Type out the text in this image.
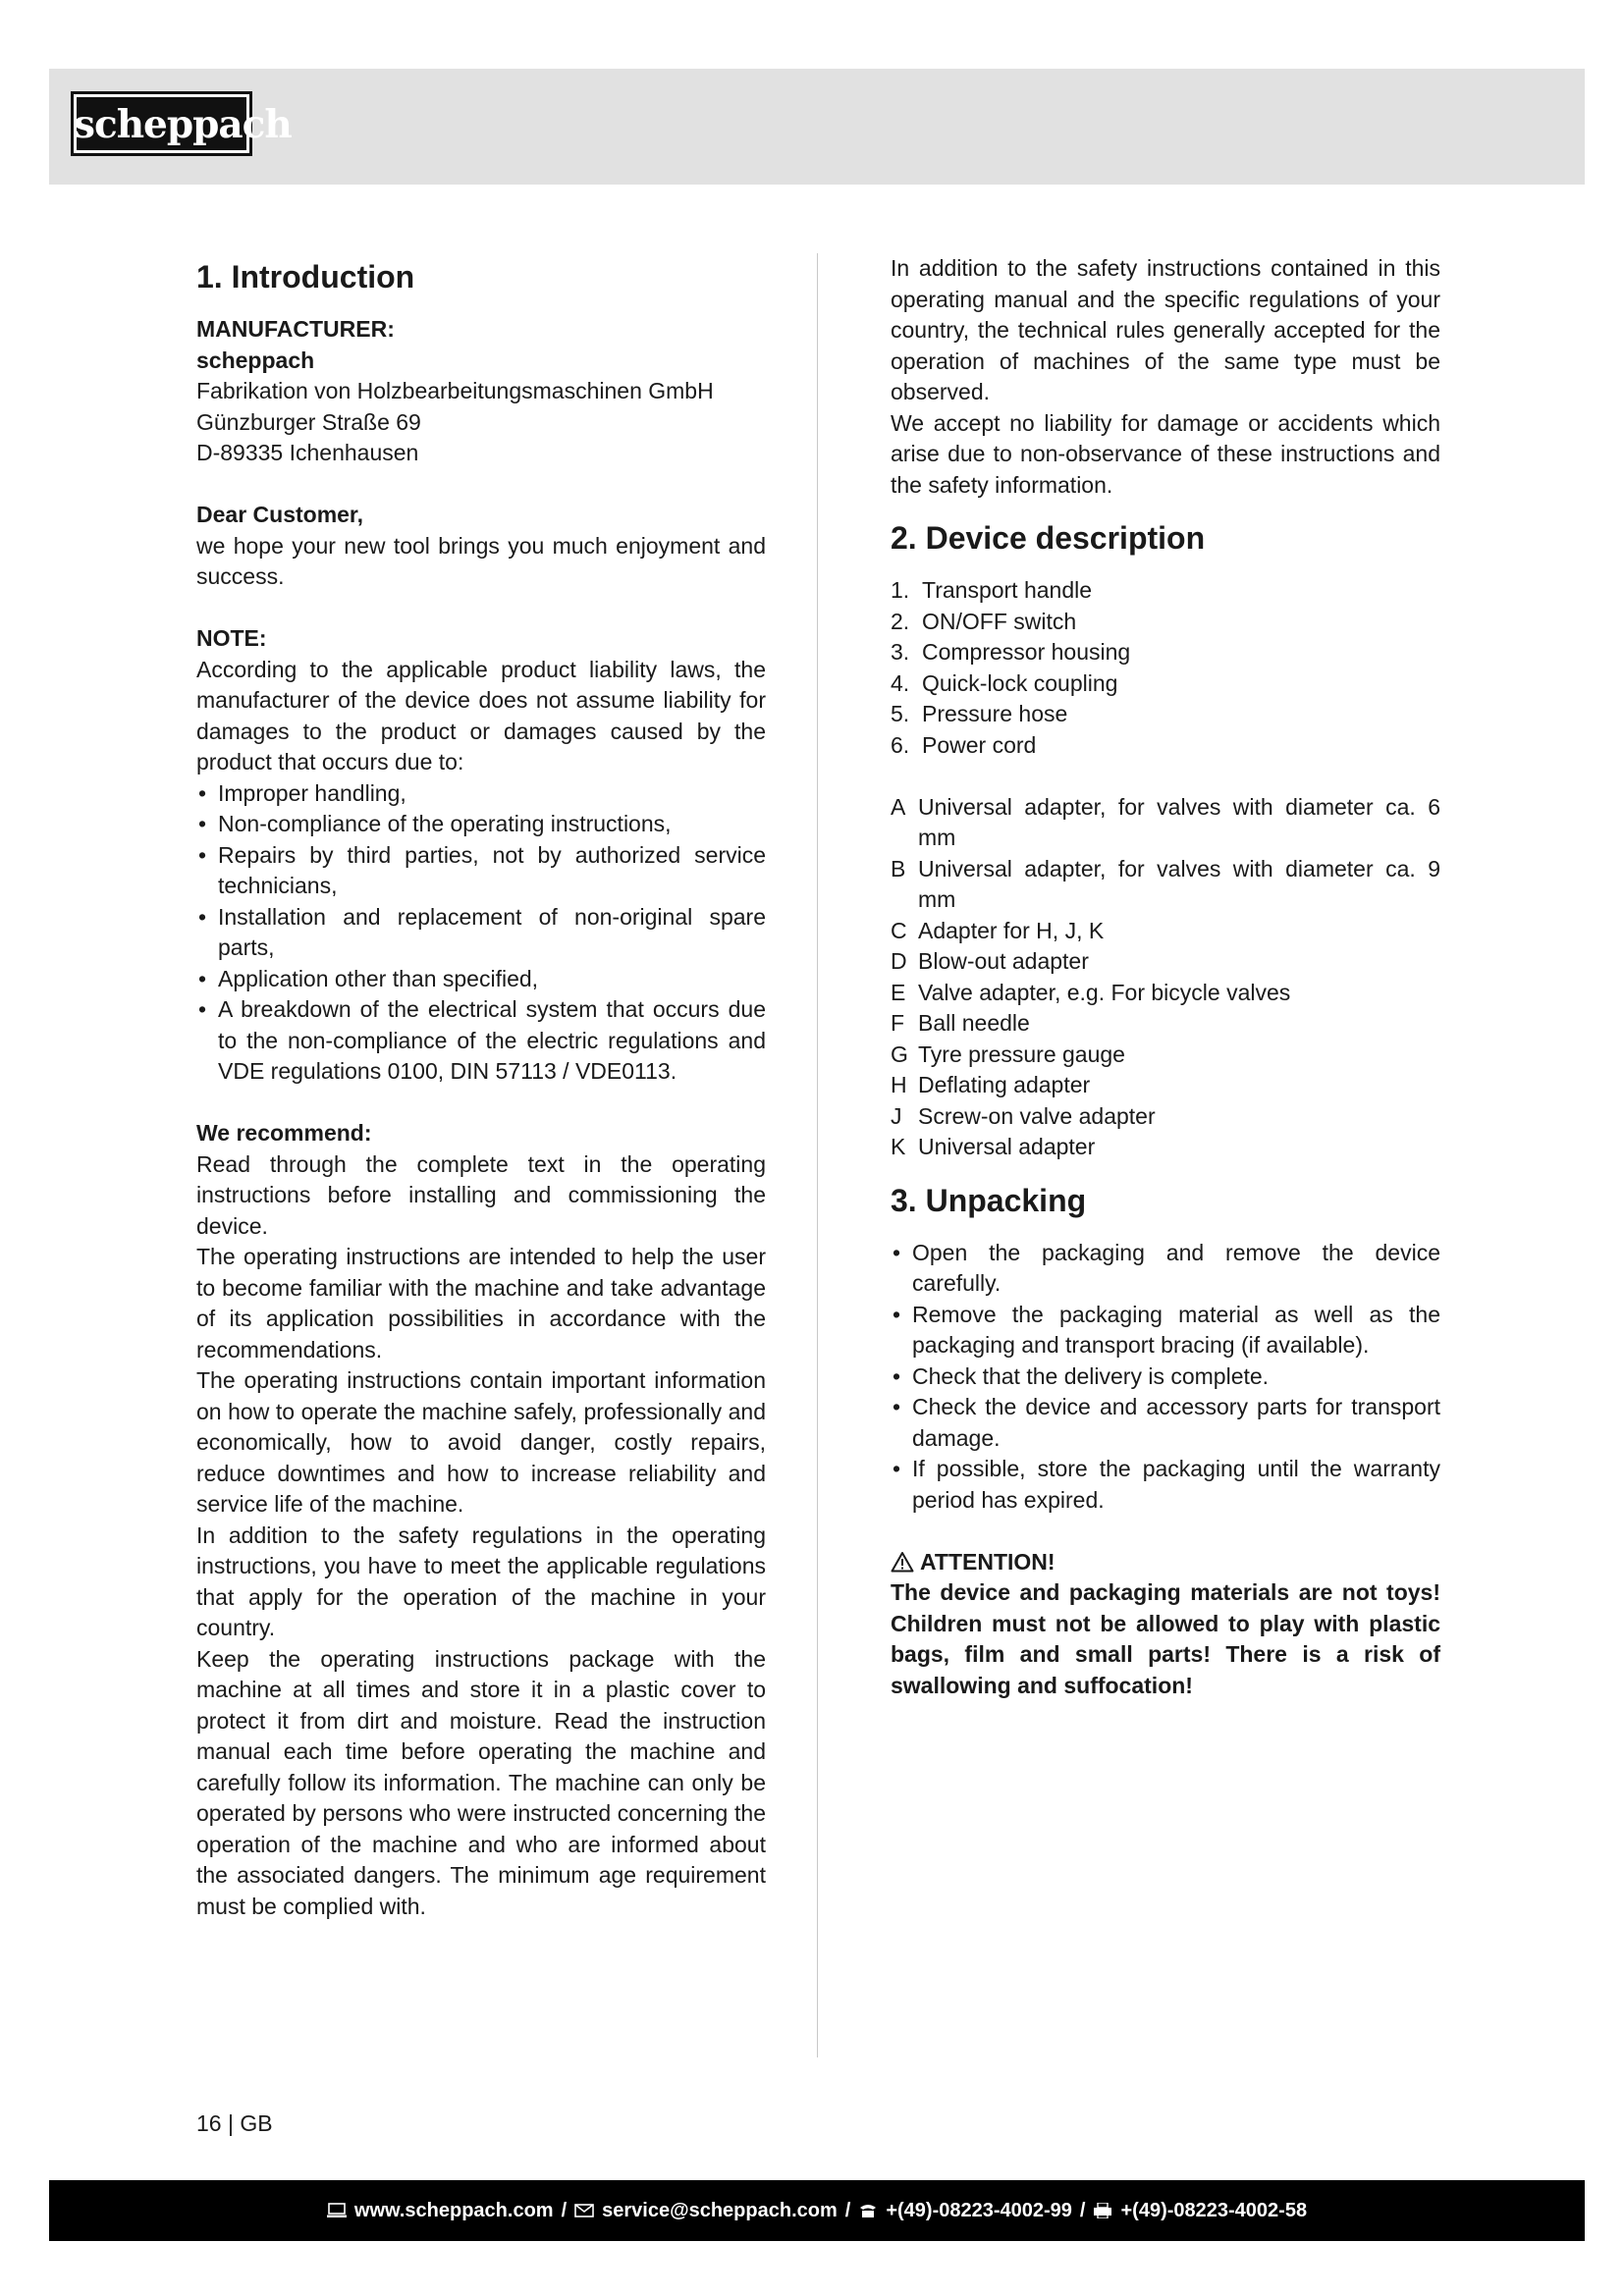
scheppach
1. Introduction

MANUFACTURER:

scheppach

Fabrikation von Holzbearbeitungsmaschinen GmbH

Günzburger Straße 69

D-89335 Ichenhausen

Dear Customer,

we hope your new tool brings you much enjoyment and success.

NOTE:

According to the applicable product liability laws, the manufacturer of the device does not assume liability for damages to the product or damages caused by the product that occurs due to:

• Improper handling,
• Non-compliance of the operating instructions,
• Repairs by third parties, not by authorized service technicians,
• Installation and replacement of non-original spare parts,
• Application other than specified,
• A breakdown of the electrical system that occurs due to the non-compliance of the electric regulations and VDE regulations 0100, DIN 57113 / VDE0113.

We recommend:

Read through the complete text in the operating instructions before installing and commissioning the device.

The operating instructions are intended to help the user to become familiar with the machine and take advantage of its application possibilities in accordance with the recommendations.

The operating instructions contain important information on how to operate the machine safely, professionally and economically, how to avoid danger, costly repairs, reduce downtimes and how to increase reliability and service life of the machine.

In addition to the safety regulations in the operating instructions, you have to meet the applicable regulations that apply for the operation of the machine in your country.

Keep the operating instructions package with the machine at all times and store it in a plastic cover to protect it from dirt and moisture. Read the instruction manual each time before operating the machine and carefully follow its information. The machine can only be operated by persons who were instructed concerning the operation of the machine and who are informed about the associated dangers. The minimum age requirement must be complied with.

In addition to the safety instructions contained in this operating manual and the specific regulations of your country, the technical rules generally accepted for the operation of machines of the same type must be observed.

We accept no liability for damage or accidents which arise due to non-observance of these instructions and the safety information.

2. Device description
1. Transport handle
2. ON/OFF switch
3. Compressor housing
4. Quick-lock coupling
5. Pressure hose
6. Power cord
A Universal adapter, for valves with diameter ca. 6 mm
B Universal adapter, for valves with diameter ca. 9 mm
C Adapter for H, J, K
D Blow-out adapter
E Valve adapter, e.g. For bicycle valves
F Ball needle
G Tyre pressure gauge
H Deflating adapter
J Screw-on valve adapter
K Universal adapter
3. Unpacking
• Open the packaging and remove the device carefully.
• Remove the packaging material as well as the packaging and transport bracing (if available).
• Check that the delivery is complete.
• Check the device and accessory parts for transport damage.
• If possible, store the packaging until the warranty period has expired.
ATTENTION!

The device and packaging materials are not toys! Children must not be allowed to play with plastic bags, film and small parts! There is a risk of swallowing and suffocation!

16 | GB
www.scheppach.com / service@scheppach.com / +(49)-08223-4002-99 / +(49)-08223-4002-58
